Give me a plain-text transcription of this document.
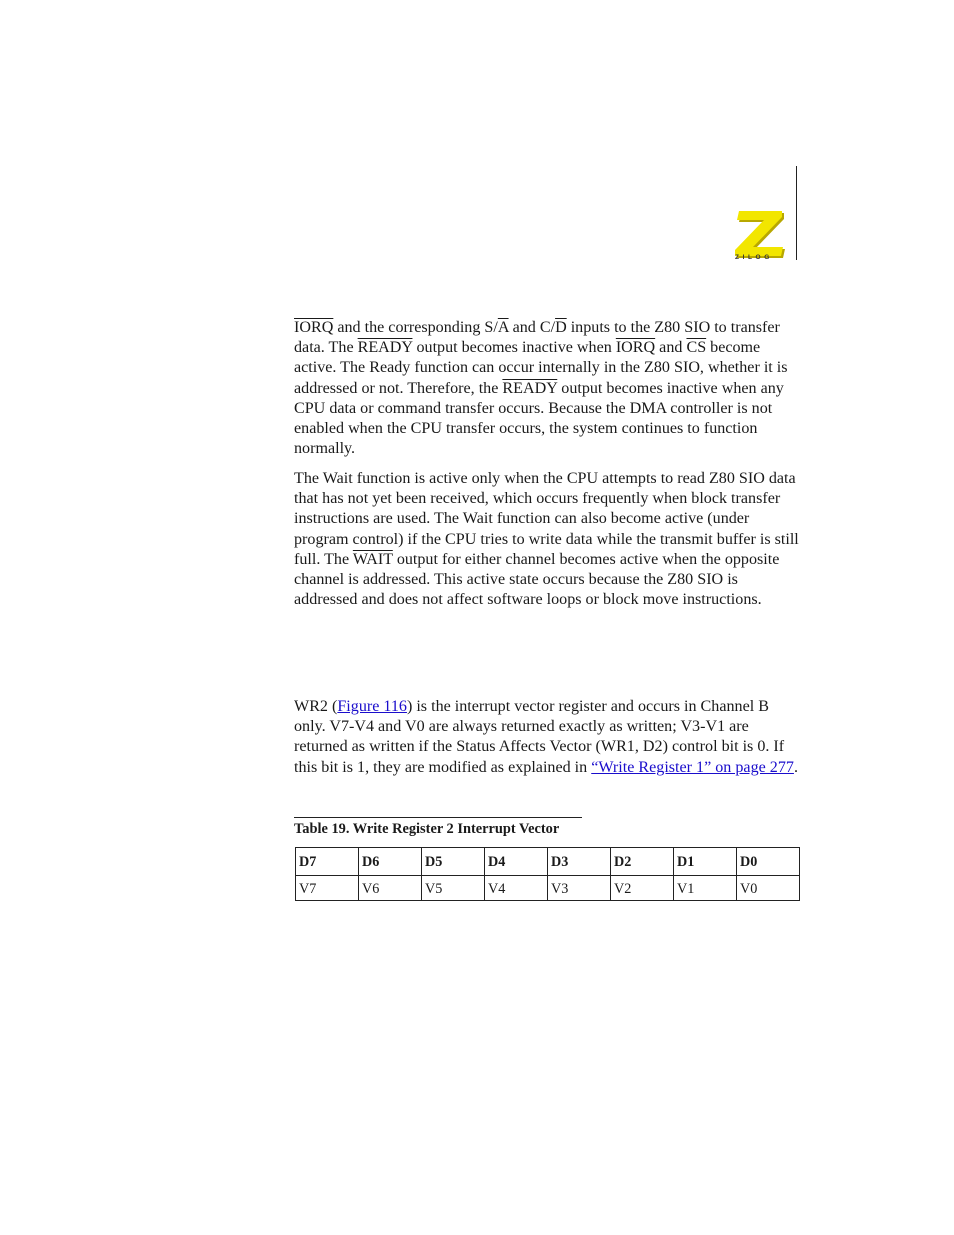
ZILOG

IORQ and the corresponding $S/\overline{A}$ and $C/\overline{D}$ inputs to the Z80 SIO to transfer data. The READY output becomes inactive when IORQ and $\overline{CS}$ become active. The Ready function can occur internally in the Z80 SIO, whether it is addressed or not. Therefore, the READY output becomes inactive when any CPU data or command transfer occurs. Because the DMA controller is not enabled when the CPU transfer occurs, the system continues to function normally.

The Wait function is active only when the CPU attempts to read Z80 SIO data that has not yet been received, which occurs frequently when block transfer instructions are used. The Wait function can also become active (under program control) if the CPU tries to write data while the transmit buffer is still full. The WAIT output for either channel becomes active when the opposite channel is addressed. This active state occurs because the Z80 SIO is addressed and does not affect software loops or block move instructions.

WR2 (Figure 116) is the interrupt vector register and occurs in Channel B only. V7-V4 and V0 are always returned exactly as written; V3-V1 are returned as written if the Status Affects Vector (WR1, D2) control bit is 0. If this bit is 1, they are modified as explained in “Write Register 1” on page 277.

Table 19. Write Register 2 Interrupt Vector
D7	D6	D5	D4	D3	D2	D1	D0
V7	V6	V5	V4	V3	V2	V1	V0
